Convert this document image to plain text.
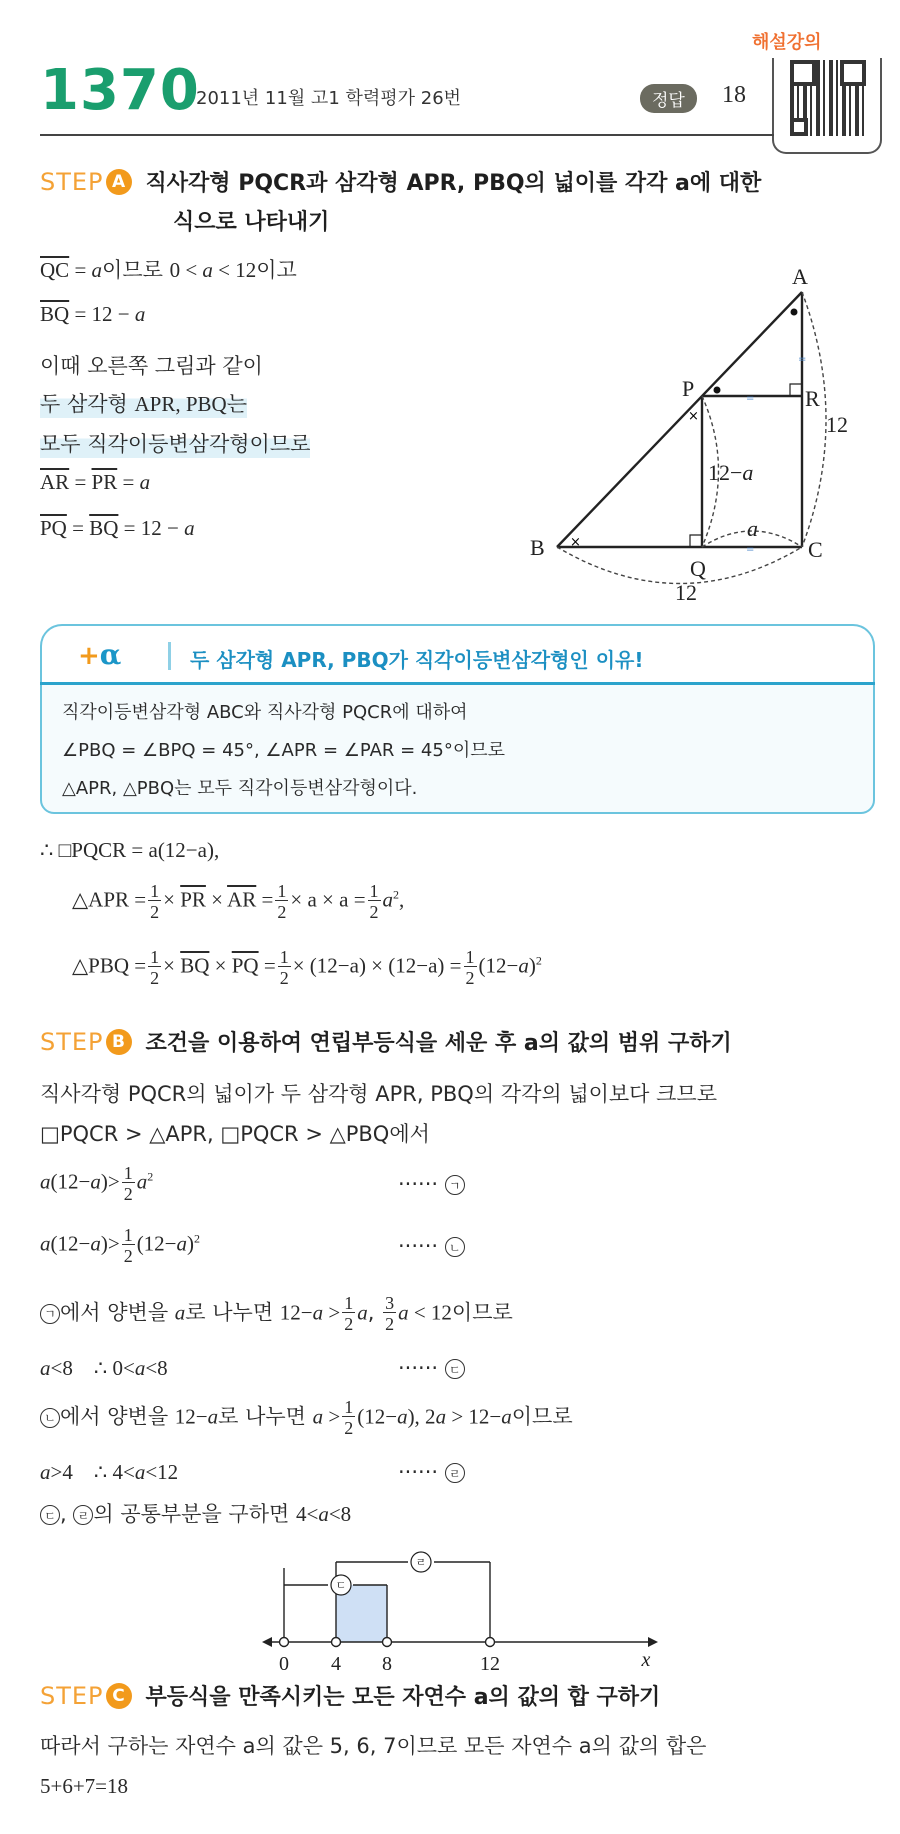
1370
2011년 11월 고1 학력평가 26번	정답	18
해설강의
STEP A 직사각형 PQCR과 삼각형 APR, PBQ의 넓이를 각각 a에 대한
식으로 나타내기
$\overline{QC} = a$이므로 0 < a < 12이고
$\overline{BQ} = 12 - a$
이때 오른쪽 그림과 같이
두 삼각형 APR, PBQ는
모두 직각이등변삼각형이므로
$\overline{AR} = \overline{PR} = a$
$\overline{PQ} = \overline{BQ} = 12 - a$
×
×
=
=
=
A
B	C
P
Q
R
12
12
12−a
a
+α	두 삼각형 APR, PBQ가 직각이등변삼각형인 이유!
직각이등변삼각형 ABC와 직사각형 PQCR에 대하여
∠PBQ = ∠BPQ = 45°, ∠APR = ∠PAR = 45°이므로
△APR, △PBQ는 모두 직각이등변삼각형이다.
∴ □PQCR = a(12−a),
△APR = $\frac{1}{2} \times \overline{PR} \times \overline{AR} = \frac{1}{2} \times a \times a = \frac{1}{2} a^2$,
△PBQ = $\frac{1}{2} \times \overline{BQ} \times \overline{PQ} = \frac{1}{2} \times (12-a) \times (12-a) = \frac{1}{2} (12-a)^2$
STEP B 조건을 이용하여 연립부등식을 세운 후 a의 값의 범위 구하기
직사각형 PQCR의 넓이가 두 삼각형 APR, PBQ의 각각의 넓이보다 크므로
□PQCR > △APR, □PQCR > △PBQ에서
$a(12-a)> \frac{1}{2} a^2$	······ ㄱ
$a(12-a)> \frac{1}{2} (12-a)^2$	······ ㄴ
ㄱ 에서 양변을 a로 나누면 $12-a > \frac{1}{2} a$, $\frac{3}{2}$ a < 12이므로
a<8    ∴ 0<a<8	······ ㄷ
ㄴ 에서 양변을 12−a로 나누면 $a > \frac{1}{2} (12-a)$, 2a > 12−a이므로
a>4    ∴ 4<a<12	······ ㄹ
ㄷ , ㄹ 의 공통부분을 구하면 4<a<8
ㄷ
ㄹ
0 4 8	12	x
STEP C 부등식을 만족시키는 모든 자연수 a의 값의 합 구하기
따라서 구하는 자연수 a의 값은 5, 6, 7이므로 모든 자연수 a의 값의 합은
5+6+7=18
